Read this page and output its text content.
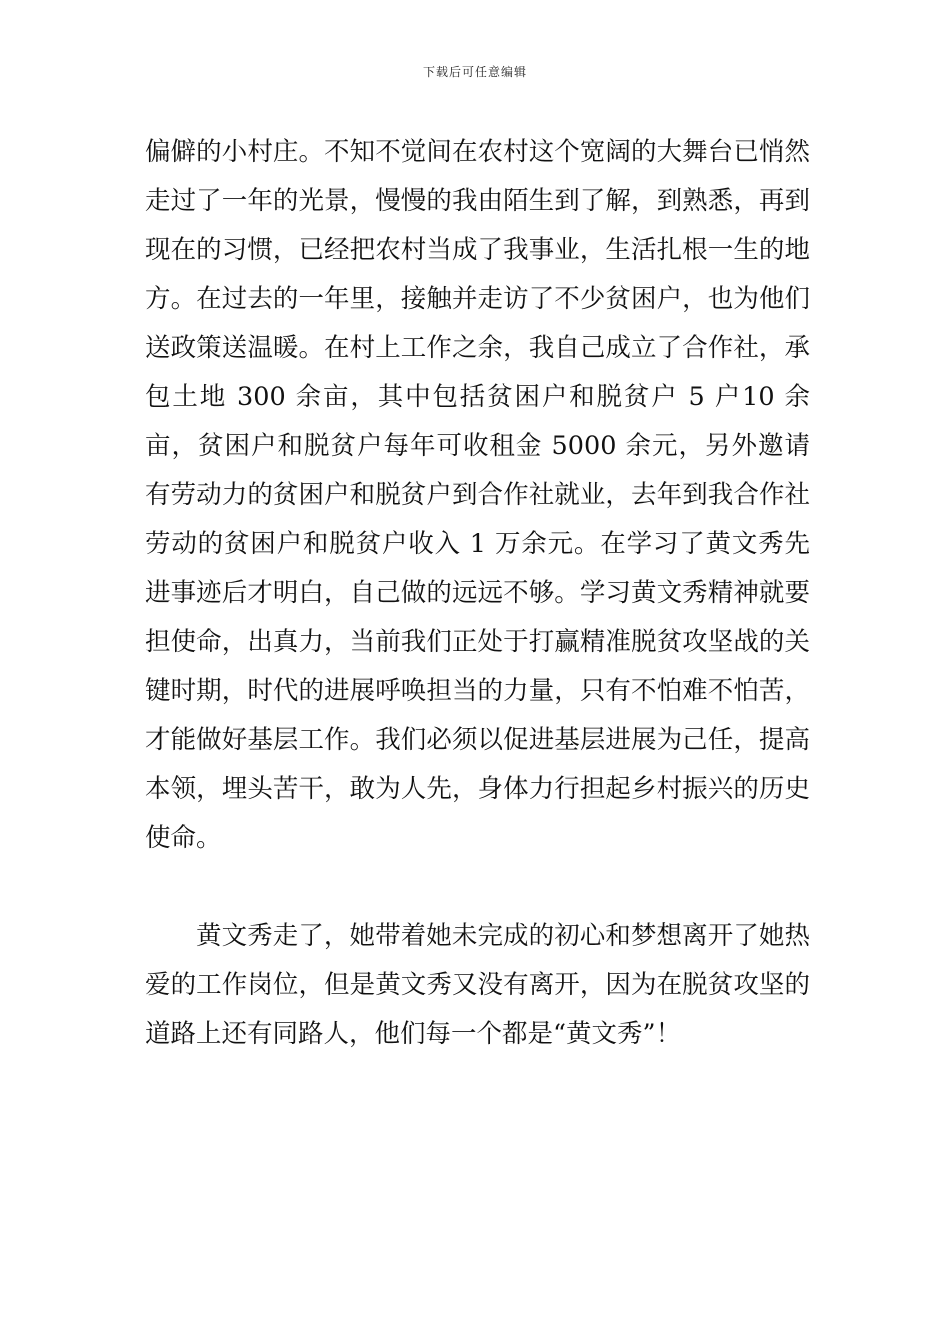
下载后可任意编辑

偏僻的小村庄。不知不觉间在农村这个宽阔的大舞台已悄然走过了一年的光景，慢慢的我由陌生到了解，到熟悉，再到现在的习惯，已经把农村当成了我事业，生活扎根一生的地方。在过去的一年里，接触并走访了不少贫困户，也为他们送政策送温暖。在村上工作之余，我自己成立了合作社，承包土地 300 余亩，其中包括贫困户和脱贫户 5 户10 余亩，贫困户和脱贫户每年可收租金 5000 余元，另外邀请有劳动力的贫困户和脱贫户到合作社就业，去年到我合作社劳动的贫困户和脱贫户收入 1 万余元。在学习了黄文秀先进事迹后才明白，自己做的远远不够。学习黄文秀精神就要担使命，出真力，当前我们正处于打赢精准脱贫攻坚战的关键时期，时代的进展呼唤担当的力量，只有不怕难不怕苦，才能做好基层工作。我们必须以促进基层进展为己任，提高本领，埋头苦干，敢为人先，身体力行担起乡村振兴的历史使命。

黄文秀走了，她带着她未完成的初心和梦想离开了她热爱的工作岗位，但是黄文秀又没有离开，因为在脱贫攻坚的道路上还有同路人，他们每一个都是“黄文秀”！
